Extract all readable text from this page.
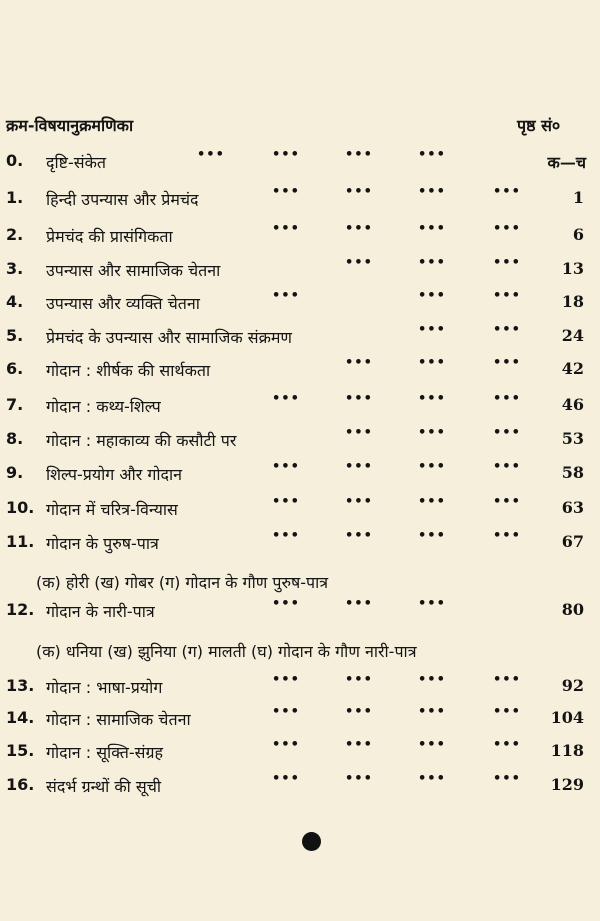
क्रम-विषयानुक्रमणिका	पृष्ठ सं०
0. दृष्टि-संकेत	•••	•••	•••	•••	क—च
1. हिन्दी उपन्यास और प्रेमचंद	•••	•••	•••	•••	1
2. प्रेमचंद की प्रासंगिकता	•••	•••	•••	•••	6
3. उपन्यास और सामाजिक चेतना	•••	•••	•••	13
4. उपन्यास और व्यक्ति चेतना	•••	•••	•••	18
5. प्रेमचंद के उपन्यास और सामाजिक संक्रमण	•••	•••	24
6. गोदान : शीर्षक की सार्थकता	•••	•••	•••	42
7. गोदान : कथ्य-शिल्प	•••	•••	•••	•••	46
8. गोदान : महाकाव्य की कसौटी पर	•••	•••	•••	53
9. शिल्प-प्रयोग और गोदान	•••	•••	•••	•••	58
10. गोदान में चरित्र-विन्यास	•••	•••	•••	•••	63
11. गोदान के पुरुष-पात्र	•••	•••	•••	•••	67
(क) होरी (ख) गोबर (ग) गोदान के गौण पुरुष-पात्र
12. गोदान के नारी-पात्र	•••	•••	•••	80
(क) धनिया (ख) झुनिया (ग) मालती (घ) गोदान के गौण नारी-पात्र
13. गोदान : भाषा-प्रयोग	•••	•••	•••	•••	92
14. गोदान : सामाजिक चेतना	•••	•••	•••	••• 104
15. गोदान : सूक्ति-संग्रह	•••	•••	•••	••• 118
16. संदर्भ ग्रन्थों की सूची	•••	•••	•••	••• 129
